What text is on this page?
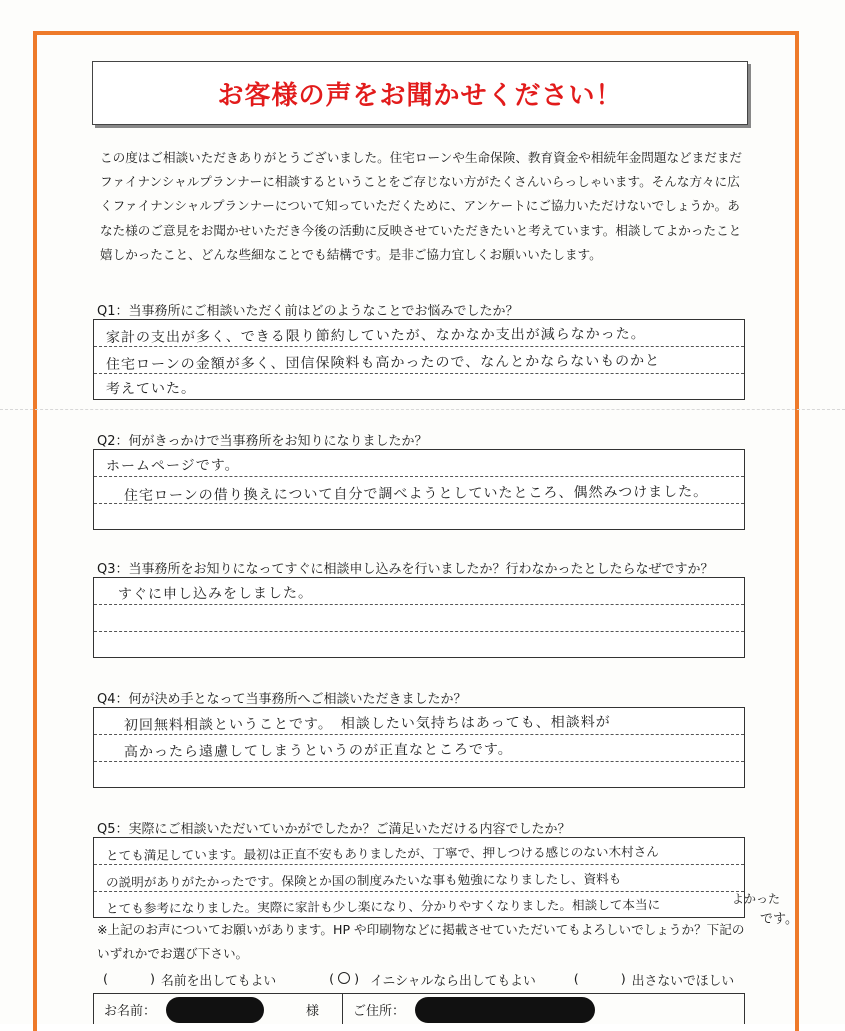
お客様の声をお聞かせください！
この度はご相談いただきありがとうございました。住宅ローンや生命保険、教育資金や相続年金問題などまだまだファイナンシャルプランナーに相談するということをご存じない方がたくさんいらっしゃいます。そんな方々に広くファイナンシャルプランナーについて知っていただくために、アンケートにご協力いただけないでしょうか。あなた様のご意見をお聞かせいただき今後の活動に反映させていただきたいと考えています。相談してよかったこと嬉しかったこと、どんな些細なことでも結構です。是非ご協力宜しくお願いいたします。
Q1：当事務所にご相談いただく前はどのようなことでお悩みでしたか？
家計の支出が多く、できる限り節約していたが、なかなか支出が減らなかった。
住宅ローンの金額が多く、団信保険料も高かったので、なんとかならないものかと
考えていた。
Q2：何がきっかけで当事務所をお知りになりましたか？
ホームページです。
住宅ローンの借り換えについて自分で調べようとしていたところ、偶然みつけました。
Q3：当事務所をお知りになってすぐに相談申し込みを行いましたか？行わなかったとしたらなぜですか？
すぐに申し込みをしました。
Q4：何が決め手となって当事務所へご相談いただきましたか？
初回無料相談ということです。　相談したい気持ちはあっても、相談料が
高かったら遠慮してしまうというのが正直なところです。
Q5：実際にご相談いただいていかがでしたか？ご満足いただける内容でしたか？
とても満足しています。最初は正直不安もありましたが、丁寧で、押しつける感じのない木村さん
の説明がありがたかったです。保険とか国の制度みたいな事も勉強になりましたし、資料も
とても参考になりました。実際に家計も少し楽になり、分かりやすくなりました。相談して本当に	よかった
です。
※上記のお声についてお願いがあります。HP や印刷物などに掲載させていただいてもよろしいでしょうか？下記のいずれかでお選び下さい。
(	) 名前を出してもよい	( ) イニシャルなら出してもよい	(	) 出さないでほしい
お名前：	様	ご住所：
